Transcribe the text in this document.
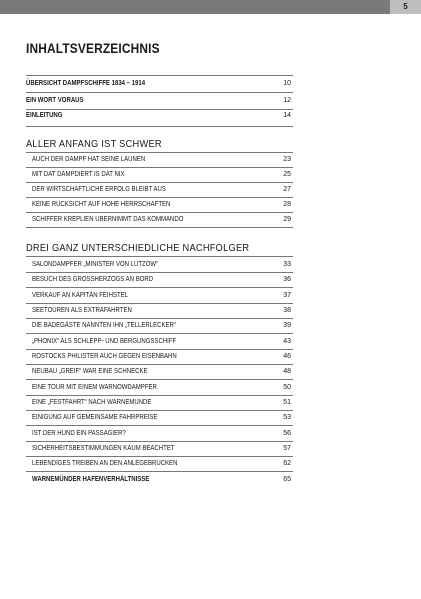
5
INHALTSVERZEICHNIS
ÜBERSICHT DAMPFSCHIFFE 1834 – 1914	10
EIN WORT VORAUS	12
EINLEITUNG	14
ALLER ANFANG IST SCHWER
AUCH DER DAMPF HAT SEINE LAUNEN	23
MIT DAT DAMPDIERT IS DAT NIX	25
DER WIRTSCHAFTLICHE ERFOLG BLEIBT AUS	27
KEINE RÜCKSICHT AUF HOHE HERRSCHAFTEN	28
SCHIFFER KREPLIEN ÜBERNIMMT DAS KOMMANDO	29
DREI GANZ UNTERSCHIEDLICHE NACHFOLGER
SALONDAMPFER „MINISTER VON LÜTZOW“	33
BESUCH DES GROSSHERZOGS AN BORD	36
VERKAUF AN KAPITÄN FEIHSTEL	37
SEETOUREN ALS EXTRAFAHRTEN	38
DIE BADEGÄSTE NANNTEN IHN „TELLERLECKER“	39
„PHÖNIX“ ALS SCHLEPP- UND BERGUNGSSCHIFF	43
ROSTOCKS PHILISTER AUCH GEGEN EISENBAHN	46
NEUBAU „GREIF“ WAR EINE SCHNECKE	48
EINE TOUR MIT EINEM WARNOWDAMPFER	50
EINE „FESTFAHRT“ NACH WARNEMÜNDE	51
EINIGUNG AUF GEMEINSAME FAHRPREISE	53
IST DER HUND EIN PASSAGIER?	56
SICHERHEITSBESTIMMUNGEN KAUM BEACHTET	57
LEBENDIGES TREIBEN AN DEN ANLEGEBRÜCKEN	62
WARNEMÜNDER HAFENVERHÄLTNISSE	65
